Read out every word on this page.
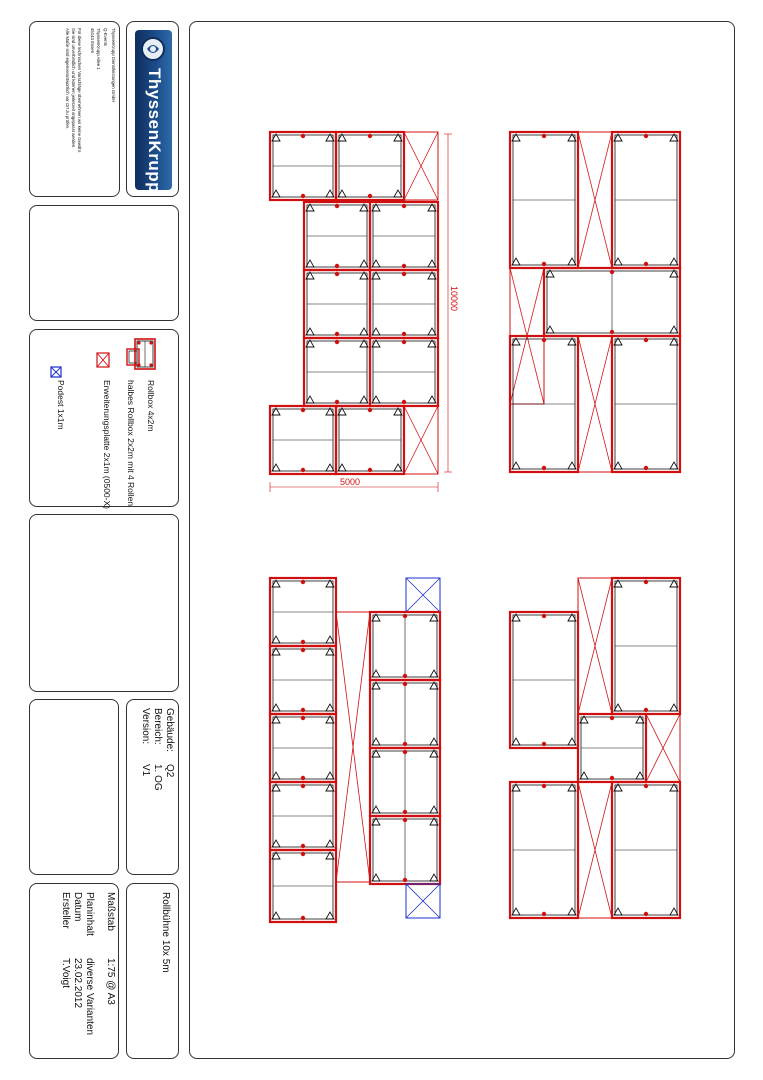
ThyssenKrupp Dienstleistungen GmbH
Q-Events
ThyssenKrupp Allee 1
45143 Essen
Für diese technischen Vorschläge übernehmen wir keine Gewähr.
Sie sind unverbindlich und können jederzeit angepasst werden.
Alle Maße sind eigenverantwortlich vor Ort zu prüfen.	ThyssenKrupp
Rollbox 4x2m
halbes Rollbox 2x2m mit 4 Rollen
Erweiterungsplatte 2x1m (0500-X)
Podest 1x1m
Gebäude:
Q2
Bereich:
1. OG
Version:
V1
Maßstab
1:75 @ A3
Planinhalt
diverse Varianten
Datum
23.02.2012
Ersteller
T.Voigt
Rollbühne 10x 5m
10000
5000
